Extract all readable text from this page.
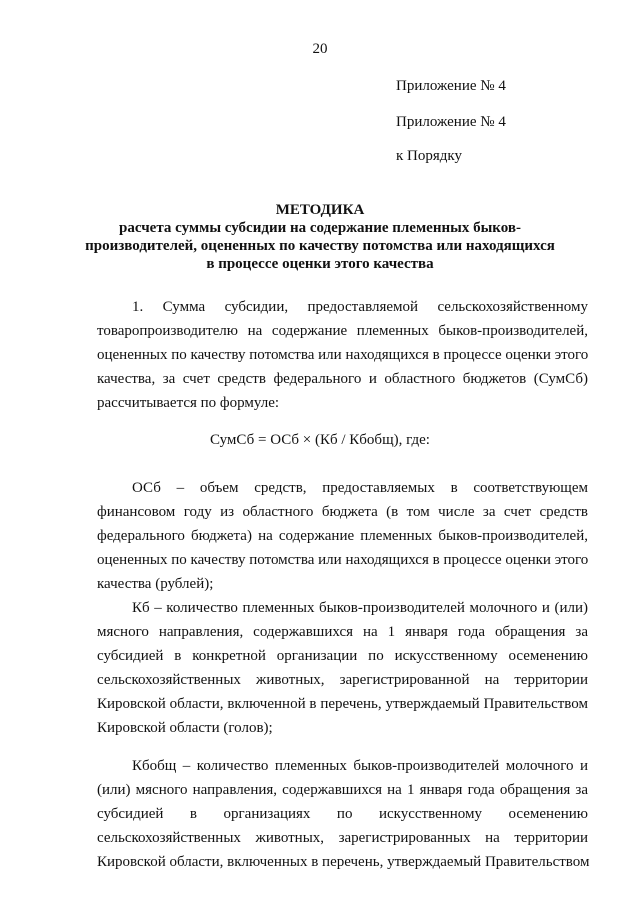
20
Приложение № 4
Приложение № 4
к Порядку
МЕТОДИКА
расчета суммы субсидии на содержание племенных быков-
производителей, оцененных по качеству потомства или находящихся
в процессе оценки этого качества
1. Сумма субсидии, предоставляемой сельскохозяйственному
товаропроизводителю на содержание племенных быков-производителей,
оцененных по качеству потомства или находящихся в процессе оценки этого
качества, за счет средств федерального и областного бюджетов (СумСб)
рассчитывается по формуле:
СумСб = ОСб × (Кб / Кбобщ), где:
ОСб – объем средств, предоставляемых в соответствующем
финансовом году из областного бюджета (в том числе за счет средств
федерального бюджета) на содержание племенных быков-производителей,
оцененных по качеству потомства или находящихся в процессе оценки этого
качества (рублей);
Кб – количество племенных быков-производителей молочного и (или)
мясного направления, содержавшихся на 1 января года обращения за
субсидией в конкретной организации по искусственному осеменению
сельскохозяйственных животных, зарегистрированной на территории
Кировской области, включенной в перечень, утверждаемый Правительством
Кировской области (голов);
Кбобщ – количество племенных быков-производителей молочного и
(или) мясного направления, содержавшихся на 1 января года обращения за
субсидией в организациях по искусственному осеменению
сельскохозяйственных животных, зарегистрированных на территории
Кировской области, включенных в перечень, утверждаемый Правительством
